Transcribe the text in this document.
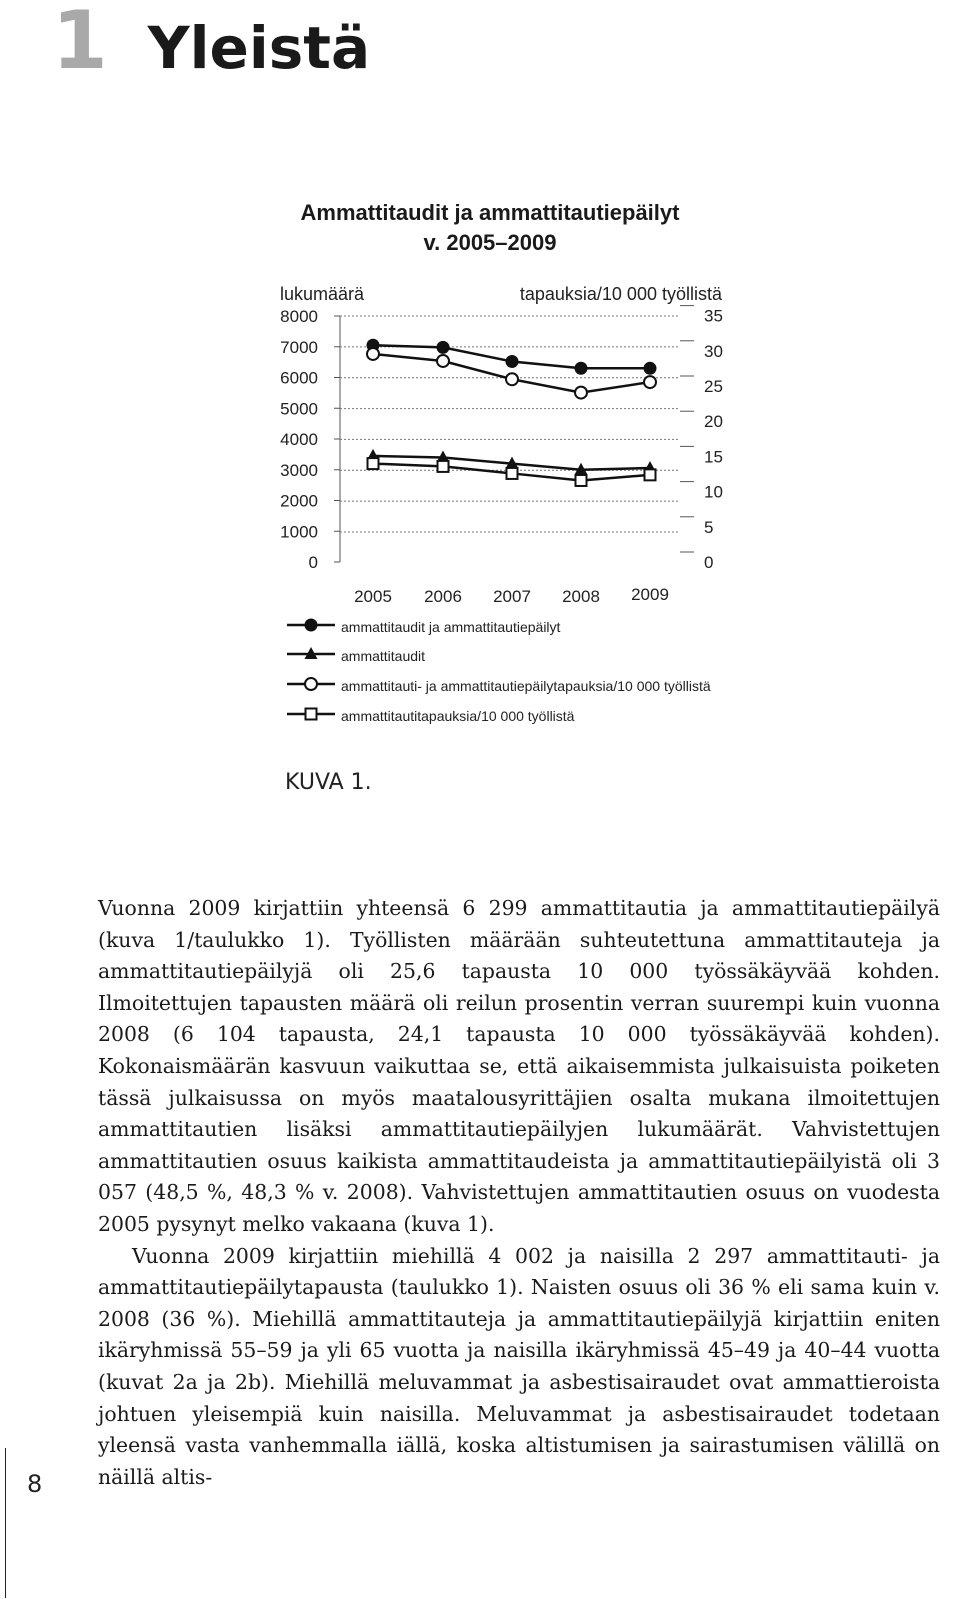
1 Yleistä
Ammattitaudit ja ammattitautiepäilyt
v. 2005–2009
lukumäärä	tapauksia/10 000 työllistä
0
1000
2000
3000
4000
5000
6000
7000
8000
0
5
10
15
20
25
30
35
2005 2006 2007 2008 2009
ammattitaudit ja ammattitautiepäilyt
ammattitaudit
ammattitauti- ja ammattitautiepäilytapauksia/10 000 työllistä
ammattitautitapauksia/10 000 työllistä
KUVA 1.

Vuonna 2009 kirjattiin yhteensä 6 299 ammattitautia ja ammattitautiepäilyä (kuva 1/taulukko 1). Työllisten määrään suhteutettuna ammattitauteja ja ammattitautiepäilyjä oli 25,6 tapausta 10 000 työssäkäyvää kohden. Ilmoitettujen tapausten määrä oli reilun prosentin verran suurempi kuin vuonna 2008 (6 104 tapausta, 24,1 tapausta 10 000 työssäkäyvää kohden). Kokonaismäärän kasvuun vaikuttaa se, että aikaisemmista julkaisuista poiketen tässä julkaisussa on myös maatalousyrittäjien osalta mukana ilmoitettujen ammattitautien lisäksi ammattitautiepäilyjen lukumäärät. Vahvistettujen ammattitautien osuus kaikista ammattitaudeista ja ammattitautiepäilyistä oli 3 057 (48,5 %, 48,3 % v. 2008). Vahvistettujen ammattitautien osuus on vuodesta 2005 pysynyt melko vakaana (kuva 1).

Vuonna 2009 kirjattiin miehillä 4 002 ja naisilla 2 297 ammattitauti- ja ammattitautiepäilytapausta (taulukko 1). Naisten osuus oli 36 % eli sama kuin v. 2008 (36 %). Miehillä ammattitauteja ja ammattitautiepäilyjä kirjattiin eniten ikäryhmissä 55–59 ja yli 65 vuotta ja naisilla ikäryhmissä 45–49 ja 40–44 vuotta (kuvat 2a ja 2b). Miehillä meluvammat ja asbestisairaudet ovat ammattieroista johtuen yleisempiä kuin naisilla. Meluvammat ja asbestisairaudet todetaan yleensä vasta vanhemmalla iällä, koska altistumisen ja sairastumisen välillä on näillä altis-

8
